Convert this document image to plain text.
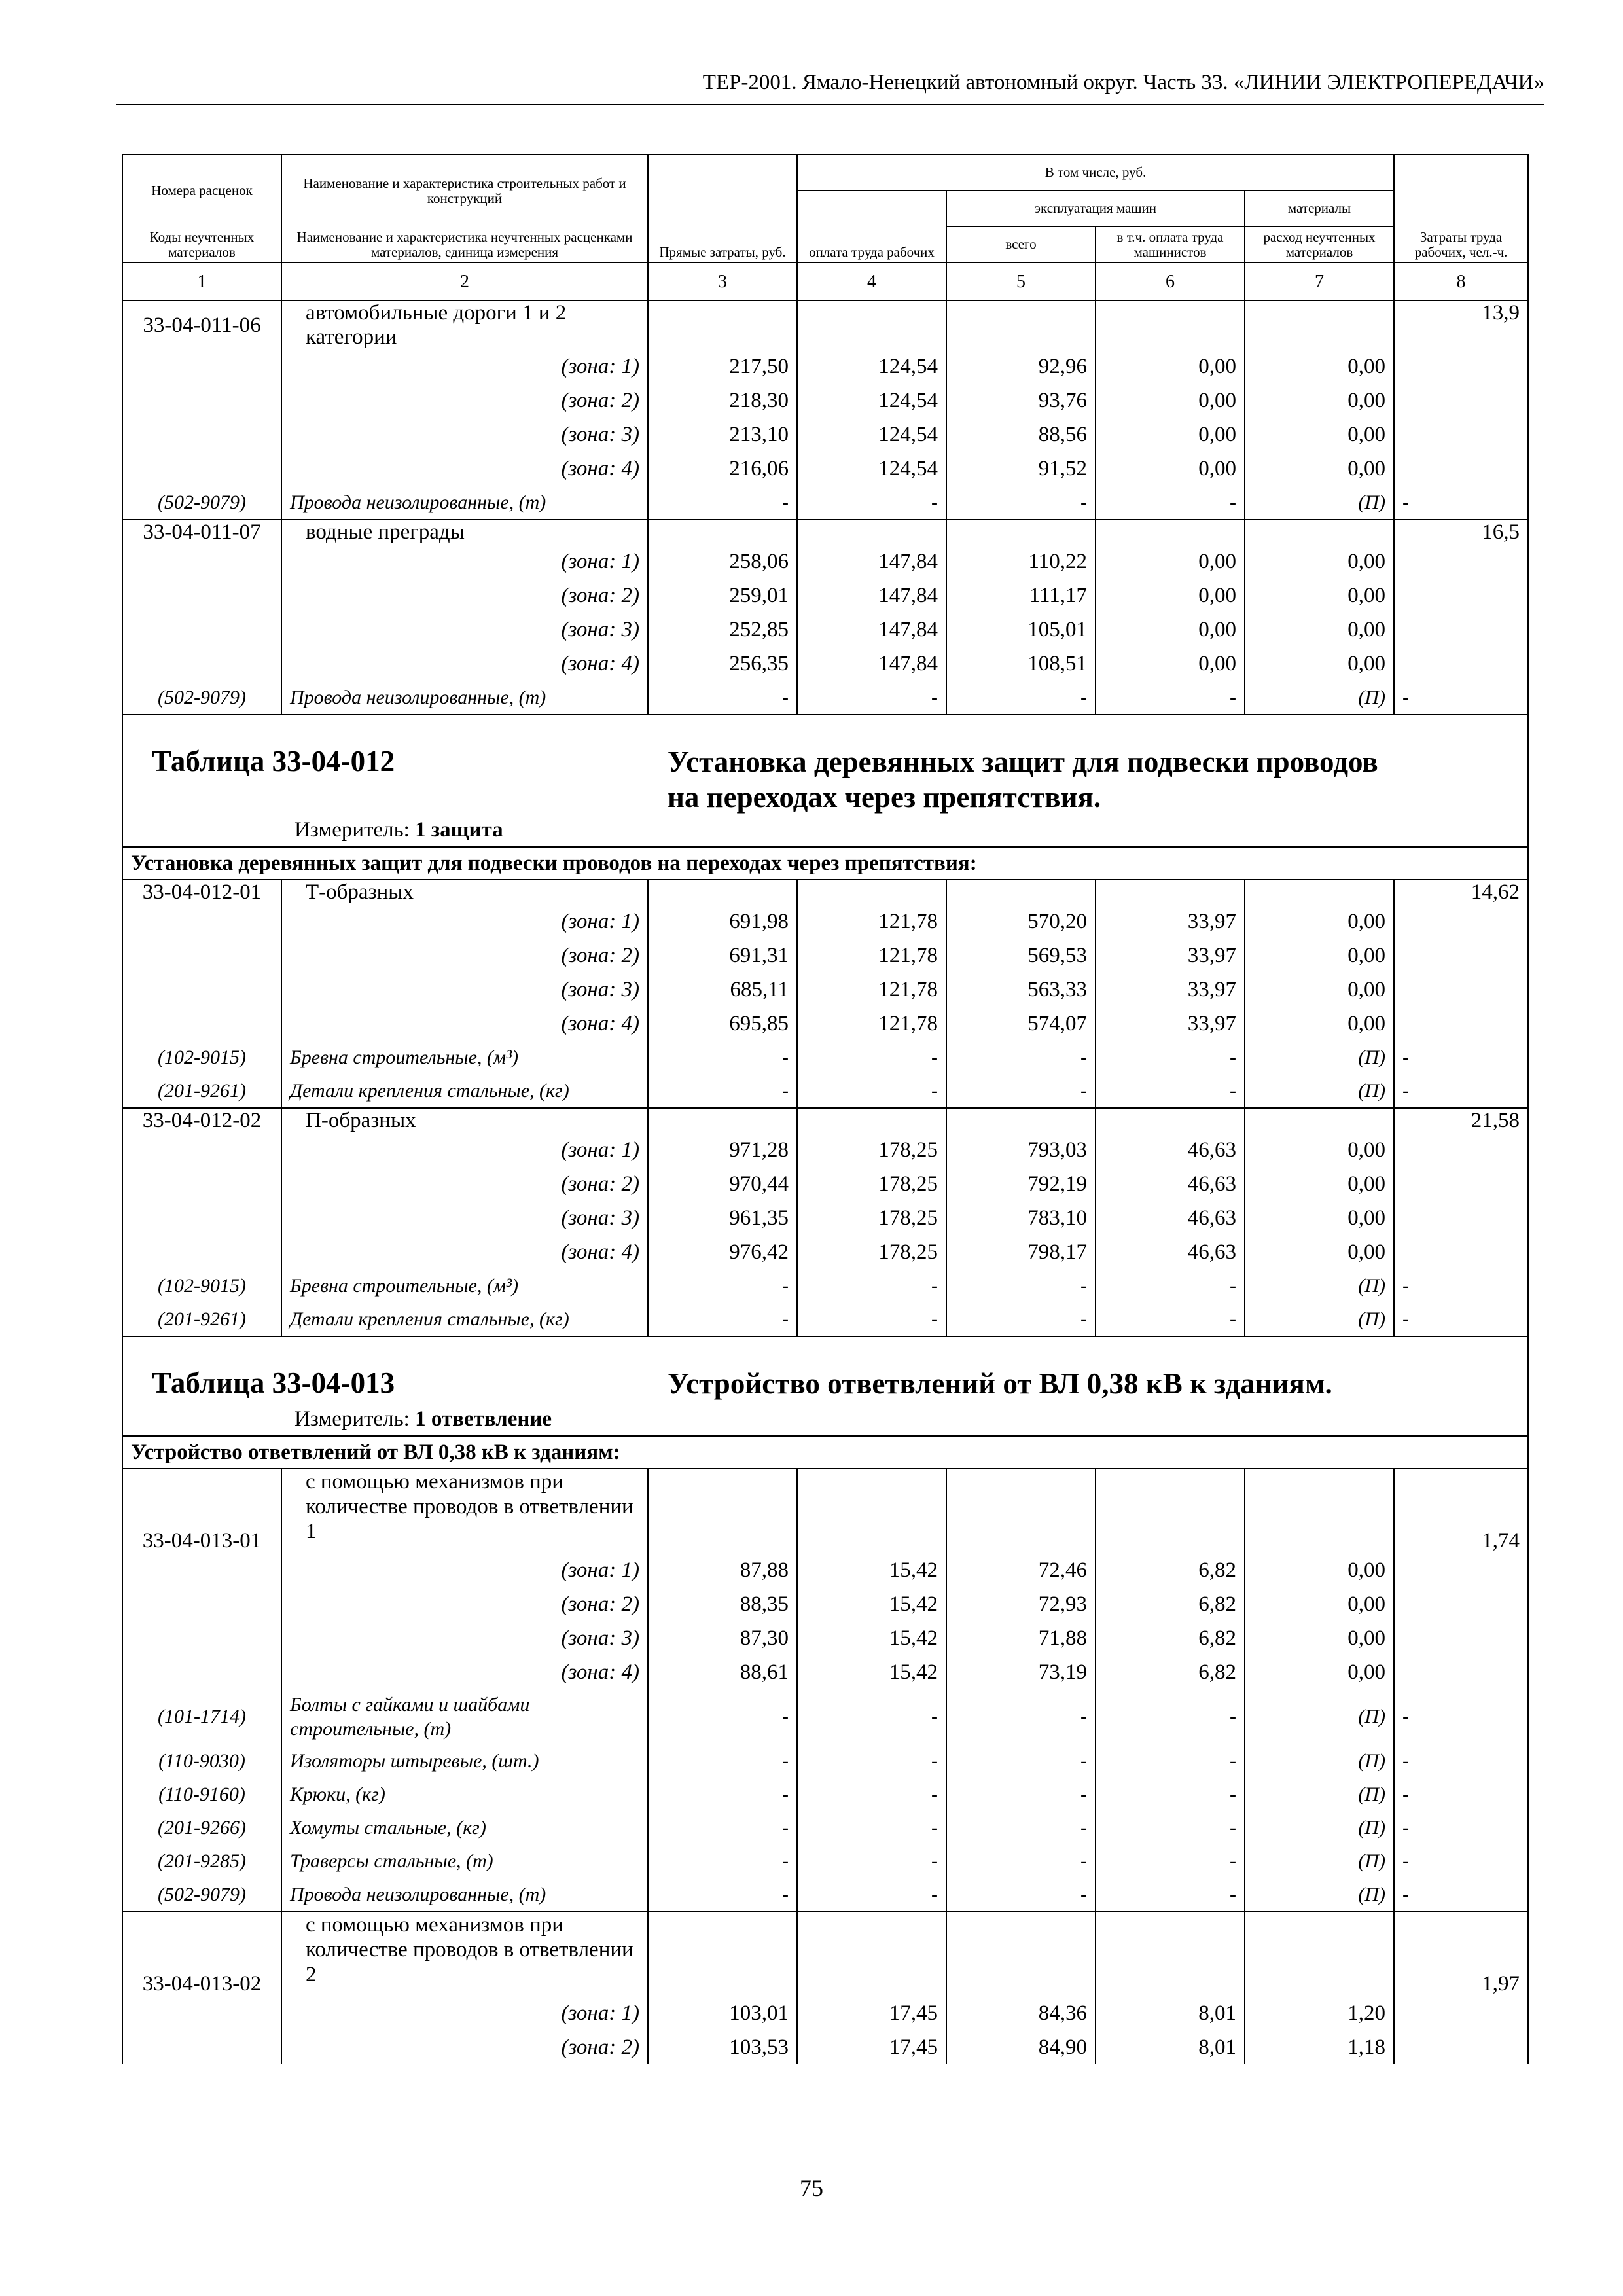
ТЕР-2001. Ямало-Ненецкий автономный округ. Часть 33. «ЛИНИИ ЭЛЕКТРОПЕРЕДАЧИ»
Номера расценок	Наименование и характеристика строительных работ и конструкций	Прямые затраты, руб.	В том числе, руб.				Затраты труда рабочих, чел.-ч.
			оплата труда рабочих	эксплуатация машин		материалы	
Коды неучтенных материалов	Наименование и характеристика неучтенных расценками материалов, единица измерения			всего	в т.ч. оплата труда машинистов	расход неучтенных материалов	

1	2	3	4	5	6	7	8
33-04-011-06	автомобильные дороги 1 и 2 категории						13,9
	(зона: 1)	217,50	124,54	92,96	0,00	0,00	
	(зона: 2)	218,30	124,54	93,76	0,00	0,00	
	(зона: 3)	213,10	124,54	88,56	0,00	0,00	
	(зона: 4)	216,06	124,54	91,52	0,00	0,00	
(502-9079)	Провода неизолированные, (т)	-	-	-	-	(П)	-
33-04-011-07	водные преграды						16,5
	(зона: 1)	258,06	147,84	110,22	0,00	0,00	
	(зона: 2)	259,01	147,84	111,17	0,00	0,00	
	(зона: 3)	252,85	147,84	105,01	0,00	0,00	
	(зона: 4)	256,35	147,84	108,51	0,00	0,00	
(502-9079)	Провода неизолированные, (т)	-	-	-	-	(П)	-

Таблица 33-04-012 Установка деревянных защит для подвески проводов
на переходах через препятствия.
Измеритель: 1 защита							

Установка деревянных защит для подвески проводов на переходах через препятствия:							
33-04-012-01	Т-образных						14,62
	(зона: 1)	691,98	121,78	570,20	33,97	0,00	
	(зона: 2)	691,31	121,78	569,53	33,97	0,00	
	(зона: 3)	685,11	121,78	563,33	33,97	0,00	
	(зона: 4)	695,85	121,78	574,07	33,97	0,00	
(102-9015)	Бревна строительные, (м³)	-	-	-	-	(П)	-
(201-9261)	Детали крепления стальные, (кг)	-	-	-	-	(П)	-
33-04-012-02	П-образных						21,58
	(зона: 1)	971,28	178,25	793,03	46,63	0,00	
	(зона: 2)	970,44	178,25	792,19	46,63	0,00	
	(зона: 3)	961,35	178,25	783,10	46,63	0,00	
	(зона: 4)	976,42	178,25	798,17	46,63	0,00	
(102-9015)	Бревна строительные, (м³)	-	-	-	-	(П)	-
(201-9261)	Детали крепления стальные, (кг)	-	-	-	-	(П)	-

Таблица 33-04-013 Устройство ответвлений от ВЛ 0,38 кВ к зданиям.
Измеритель: 1 ответвление							

Устройство ответвлений от ВЛ 0,38 кВ к зданиям:							
33-04-013-01	с помощью механизмов при количестве проводов в ответвлении 1						1,74
	(зона: 1)	87,88	15,42	72,46	6,82	0,00	
	(зона: 2)	88,35	15,42	72,93	6,82	0,00	
	(зона: 3)	87,30	15,42	71,88	6,82	0,00	
	(зона: 4)	88,61	15,42	73,19	6,82	0,00	
(101-1714)	Болты с гайками и шайбами строительные, (т)	-	-	-	-	(П)	-
(110-9030)	Изоляторы штыревые, (шт.)	-	-	-	-	(П)	-
(110-9160)	Крюки, (кг)	-	-	-	-	(П)	-
(201-9266)	Хомуты стальные, (кг)	-	-	-	-	(П)	-
(201-9285)	Траверсы стальные, (т)	-	-	-	-	(П)	-
(502-9079)	Провода неизолированные, (т)	-	-	-	-	(П)	-
33-04-013-02	с помощью механизмов при количестве проводов в ответвлении 2						1,97
	(зона: 1)	103,01	17,45	84,36	8,01	1,20	
	(зона: 2)	103,53	17,45	84,90	8,01	1,18	
75
